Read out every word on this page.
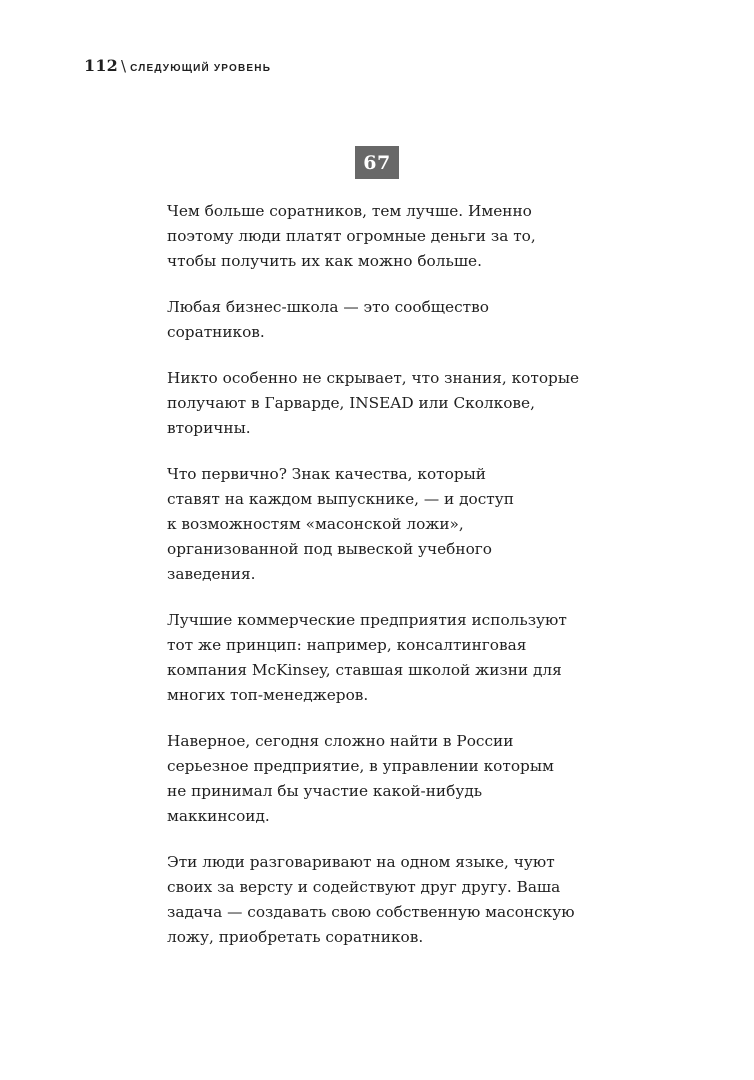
112 \ СЛЕДУЮЩИЙ УРОВЕНЬ
67

Чем больше соратников, тем лучше. Именно
поэтому люди платят огромные деньги за то,
чтобы получить их как можно больше.

Любая бизнес-школа — это сообщество
соратников.

Никто особенно не скрывает, что знания, которые
получают в Гарварде, INSEAD или Сколкове,
вторичны.

Что первично? Знак качества, который
ставят на каждом выпускнике, — и доступ
к возможностям «масонской ложи»,
организованной под вывеской учебного
заведения.

Лучшие коммерческие предприятия используют
тот же принцип: например, консалтинговая
компания McKinsey, ставшая школой жизни для
многих топ-менеджеров.

Наверное, сегодня сложно найти в России
серьезное предприятие, в управлении которым
не принимал бы участие какой-нибудь
маккинсоид.

Эти люди разговаривают на одном языке, чуют
своих за версту и содействуют друг другу. Ваша
задача — создавать свою собственную масонскую
ложу, приобретать соратников.
